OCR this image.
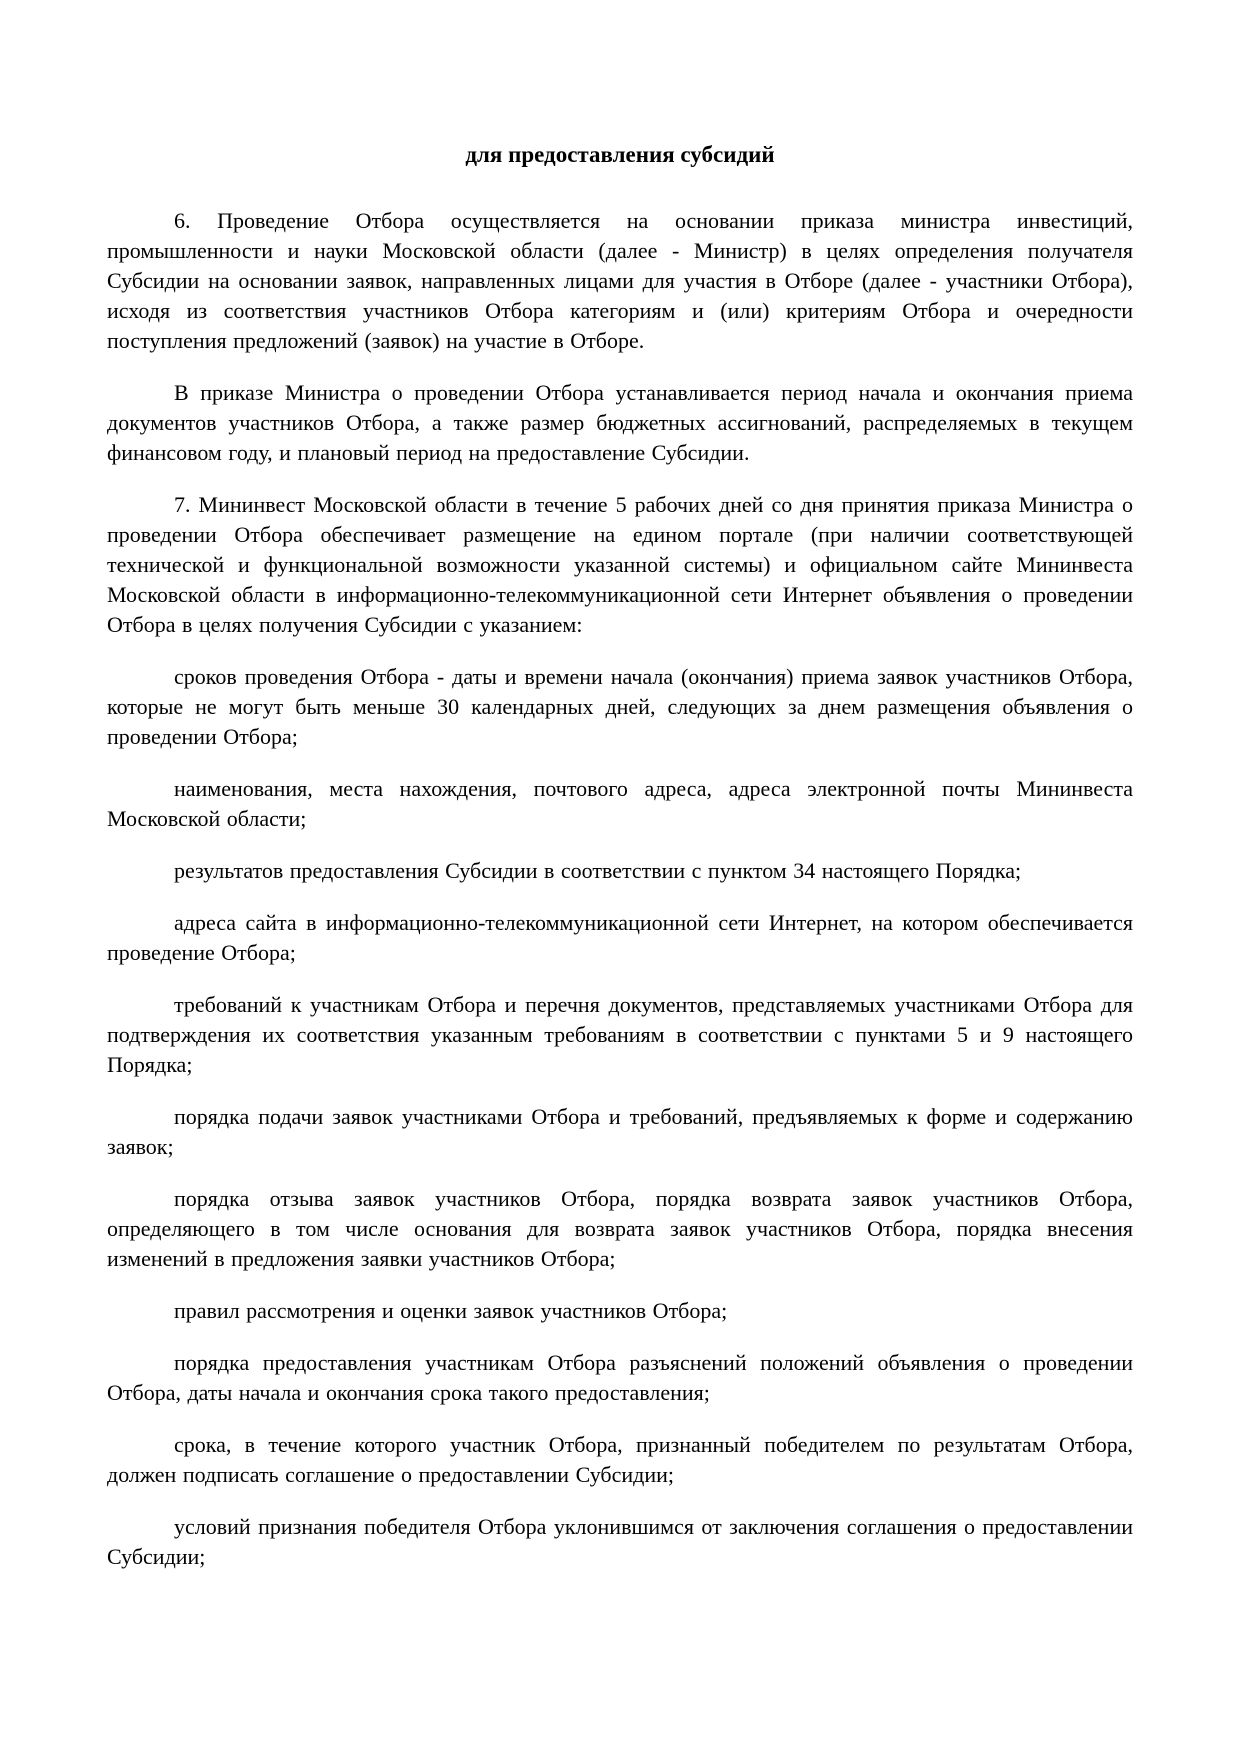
для предоставления субсидий

6. Проведение Отбора осуществляется на основании приказа министра инвестиций, промышленности и науки Московской области (далее - Министр) в целях определения получателя Субсидии на основании заявок, направленных лицами для участия в Отборе (далее - участники Отбора), исходя из соответствия участников Отбора категориям и (или) критериям Отбора и очередности поступления предложений (заявок) на участие в Отборе.

В приказе Министра о проведении Отбора устанавливается период начала и окончания приема документов участников Отбора, а также размер бюджетных ассигнований, распределяемых в текущем финансовом году, и плановый период на предоставление Субсидии.

7. Мининвест Московской области в течение 5 рабочих дней со дня принятия приказа Министра о проведении Отбора обеспечивает размещение на едином портале (при наличии соответствующей технической и функциональной возможности указанной системы) и официальном сайте Мининвеста Московской области в информационно-телекоммуникационной сети Интернет объявления о проведении Отбора в целях получения Субсидии с указанием:

сроков проведения Отбора - даты и времени начала (окончания) приема заявок участников Отбора, которые не могут быть меньше 30 календарных дней, следующих за днем размещения объявления о проведении Отбора;

наименования, места нахождения, почтового адреса, адреса электронной почты Мининвеста Московской области;

результатов предоставления Субсидии в соответствии с пунктом 34 настоящего Порядка;

адреса сайта в информационно-телекоммуникационной сети Интернет, на котором обеспечивается проведение Отбора;

требований к участникам Отбора и перечня документов, представляемых участниками Отбора для подтверждения их соответствия указанным требованиям в соответствии с пунктами 5 и 9 настоящего Порядка;

порядка подачи заявок участниками Отбора и требований, предъявляемых к форме и содержанию заявок;

порядка отзыва заявок участников Отбора, порядка возврата заявок участников Отбора, определяющего в том числе основания для возврата заявок участников Отбора, порядка внесения изменений в предложения заявки участников Отбора;

правил рассмотрения и оценки заявок участников Отбора;

порядка предоставления участникам Отбора разъяснений положений объявления о проведении Отбора, даты начала и окончания срока такого предоставления;

срока, в течение которого участник Отбора, признанный победителем по результатам Отбора, должен подписать соглашение о предоставлении Субсидии;

условий признания победителя Отбора уклонившимся от заключения соглашения о предоставлении Субсидии;
